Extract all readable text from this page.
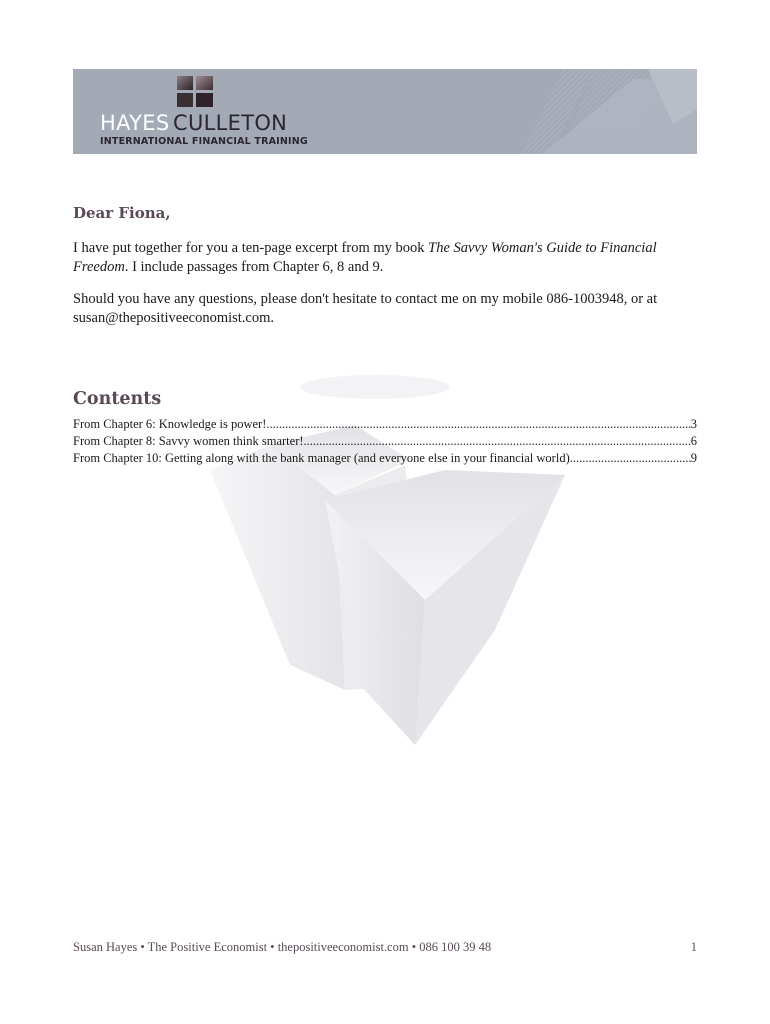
HAYES CULLETON
INTERNATIONAL FINANCIAL TRAINING
Dear Fiona,

I have put together for you a ten-page excerpt from my book The Savvy Woman's Guide to Financial Freedom. I include passages from Chapter 6, 8 and 9.

Should you have any questions, please don't hesitate to contact me on my mobile 086-1003948, or at susan@thepositiveeconomist.com.

Contents
From Chapter 6: Knowledge is power! .....	3
From Chapter 8: Savvy women think smarter! .....	6
From Chapter 10: Getting along with the bank manager (and everyone else in your financial world) .....	9
Susan Hayes • The Positive Economist • thepositiveeconomist.com • 086 100 39 48	1
